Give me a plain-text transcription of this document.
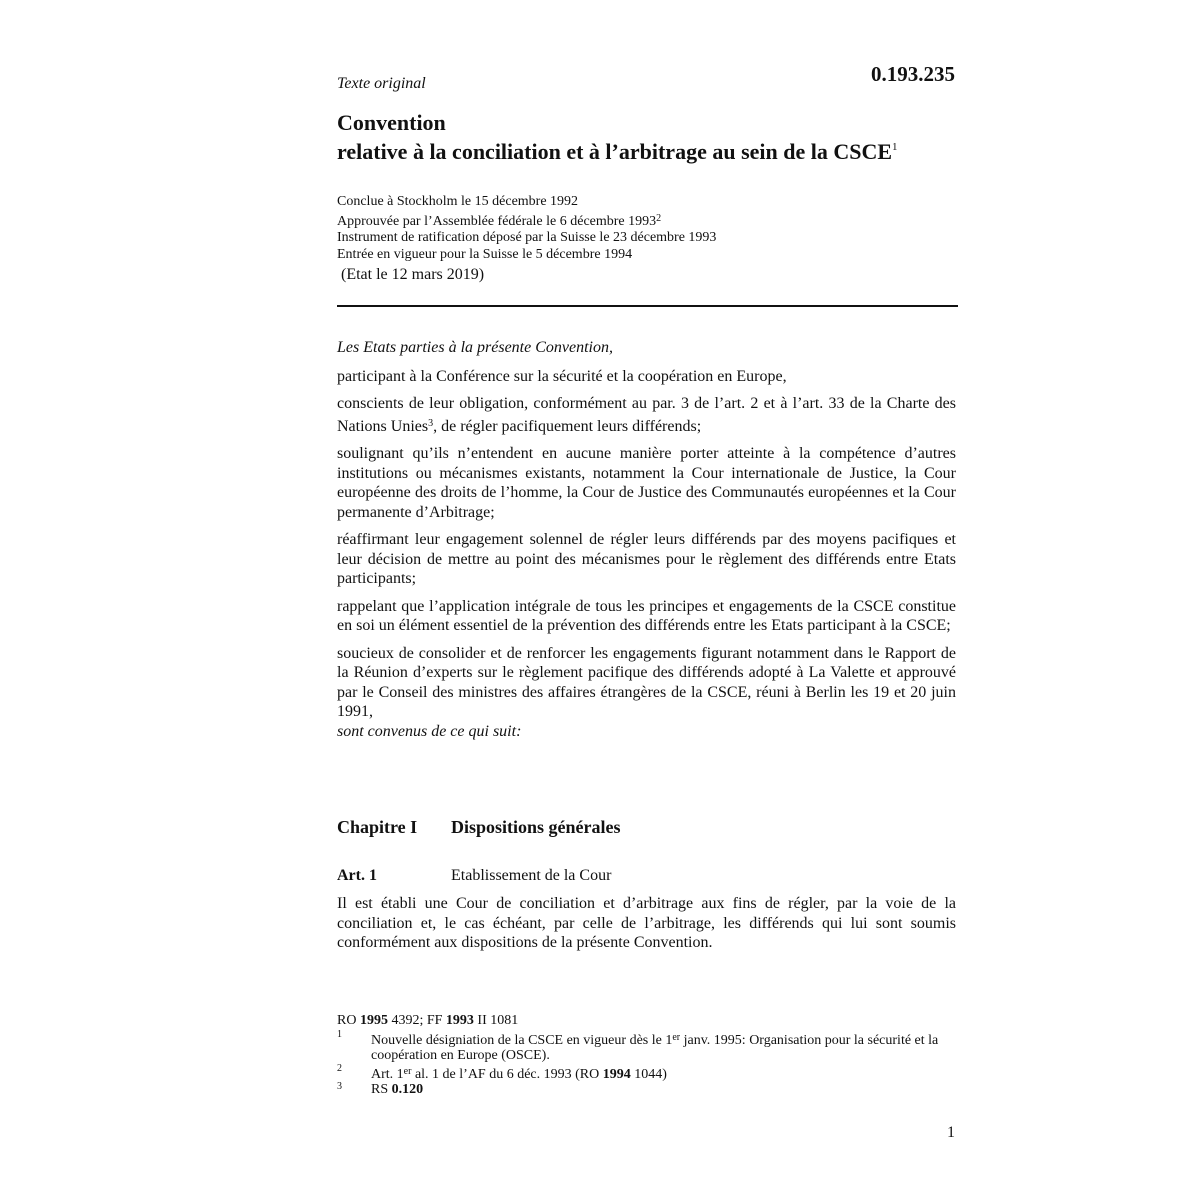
Texte original	0.193.235
Convention
relative à la conciliation et à l’arbitrage au sein de la CSCE$^1$
Conclue à Stockholm le 15 décembre 1992
Approuvée par l’Assemblée fédérale le 6 décembre 1993$^2$
Instrument de ratification déposé par la Suisse le 23 décembre 1993
Entrée en vigueur pour la Suisse le 5 décembre 1994
(Etat le 12 mars 2019)

Les Etats parties à la présente Convention,

participant à la Conférence sur la sécurité et la coopération en Europe,

conscients de leur obligation, conformément au par. 3 de l’art. 2 et à l’art. 33 de la Charte des Nations Unies$^3$, de régler pacifiquement leurs différends;

soulignant qu’ils n’entendent en aucune manière porter atteinte à la compétence d’autres institutions ou mécanismes existants, notamment la Cour internationale de Justice, la Cour européenne des droits de l’homme, la Cour de Justice des Communautés européennes et la Cour permanente d’Arbitrage;

réaffirmant leur engagement solennel de régler leurs différends par des moyens pacifiques et leur décision de mettre au point des mécanismes pour le règlement des différends entre Etats participants;

rappelant que l’application intégrale de tous les principes et engagements de la CSCE constitue en soi un élément essentiel de la prévention des différends entre les Etats participant à la CSCE;

soucieux de consolider et de renforcer les engagements figurant notamment dans le Rapport de la Réunion d’experts sur le règlement pacifique des différends adopté à La Valette et approuvé par le Conseil des ministres des affaires étrangères de la CSCE, réuni à Berlin les 19 et 20 juin 1991,

sont convenus de ce qui suit:

Chapitre I Dispositions générales
Art. 1	Etablissement de la Cour

Il est établi une Cour de conciliation et d’arbitrage aux fins de régler, par la voie de la conciliation et, le cas échéant, par celle de l’arbitrage, les différends qui lui sont soumis conformément aux dispositions de la présente Convention.

RO 1995 4392; FF 1993 II 1081
1 Nouvelle désigniation de la CSCE en vigueur dès le 1er janv. 1995: Organisation pour la sécurité et la coopération en Europe (OSCE).
2 Art. 1er al. 1 de l’AF du 6 déc. 1993 (RO 1994 1044)
3 RS 0.120
1
